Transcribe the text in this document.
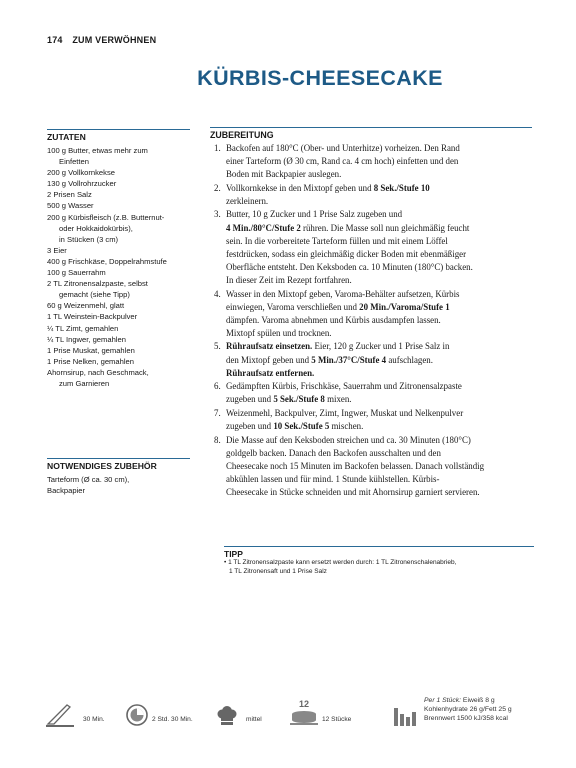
174 ZUM VERWÖHNEN
KÜRBIS-CHEESECAKE
ZUTATEN
100 g Butter, etwas mehr zum
Einfetten
200 g Vollkornkekse
130 g Vollrohrzucker
2 Prisen Salz
500 g Wasser
200 g Kürbisfleisch (z.B. Butternut-
oder Hokkaidokürbis),
in Stücken (3 cm)
3 Eier
400 g Frischkäse, Doppelrahmstufe
100 g Sauerrahm
2 TL Zitronensalzpaste, selbst
gemacht (siehe Tipp)
60 g Weizenmehl, glatt
1 TL Weinstein-Backpulver
¼ TL Zimt, gemahlen
¼ TL Ingwer, gemahlen
1 Prise Muskat, gemahlen
1 Prise Nelken, gemahlen
Ahornsirup, nach Geschmack,
zum Garnieren
NOTWENDIGES ZUBEHÖR
Tarteform (Ø ca. 30 cm),
Backpapier
ZUBEREITUNG
1. Backofen auf 180°C (Ober- und Unterhitze) vorheizen. Den Rand
einer Tarteform (Ø 30 cm, Rand ca. 4 cm hoch) einfetten und den
Boden mit Backpapier auslegen.
2. Vollkornkekse in den Mixtopf geben und 8 Sek./Stufe 10
zerkleinern.
3. Butter, 10 g Zucker und 1 Prise Salz zugeben und
4 Min./80°C/Stufe 2 rühren. Die Masse soll nun gleichmäßig feucht
sein. In die vorbereitete Tarteform füllen und mit einem Löffel
festdrücken, sodass ein gleichmäßig dicker Boden mit ebenmäßiger
Oberfläche entsteht. Den Keksboden ca. 10 Minuten (180°C) backen.
In dieser Zeit im Rezept fortfahren.
4. Wasser in den Mixtopf geben, Varoma-Behälter aufsetzen, Kürbis
einwiegen, Varoma verschließen und 20 Min./Varoma/Stufe 1
dämpfen. Varoma abnehmen und Kürbis ausdampfen lassen.
Mixtopf spülen und trocknen.
5. Rühraufsatz einsetzen. Eier, 120 g Zucker und 1 Prise Salz in
den Mixtopf geben und 5 Min./37°C/Stufe 4 aufschlagen.
Rühraufsatz entfernen.
6. Gedämpften Kürbis, Frischkäse, Sauerrahm und Zitronensalzpaste
zugeben und 5 Sek./Stufe 8 mixen.
7. Weizenmehl, Backpulver, Zimt, Ingwer, Muskat und Nelkenpulver
zugeben und 10 Sek./Stufe 5 mischen.
8. Die Masse auf den Keksboden streichen und ca. 30 Minuten (180°C)
goldgelb backen. Danach den Backofen ausschalten und den
Cheesecake noch 15 Minuten im Backofen belassen. Danach vollständig
abkühlen lassen und für mind. 1 Stunde kühlstellen. Kürbis-
Cheesecake in Stücke schneiden und mit Ahornsirup garniert servieren.
TIPP
• 1 TL Zitronensalzpaste kann ersetzt werden durch: 1 TL Zitronenschalenabrieb,
1 TL Zitronensaft und 1 Prise Salz
30 Min.	2 Std. 30 Min.	mittel
12
12 Stücke
Per 1 Stück: Eiweiß 8 g
Kohlenhydrate 26 g/Fett 25 g
Brennwert 1500 kJ/358 kcal
